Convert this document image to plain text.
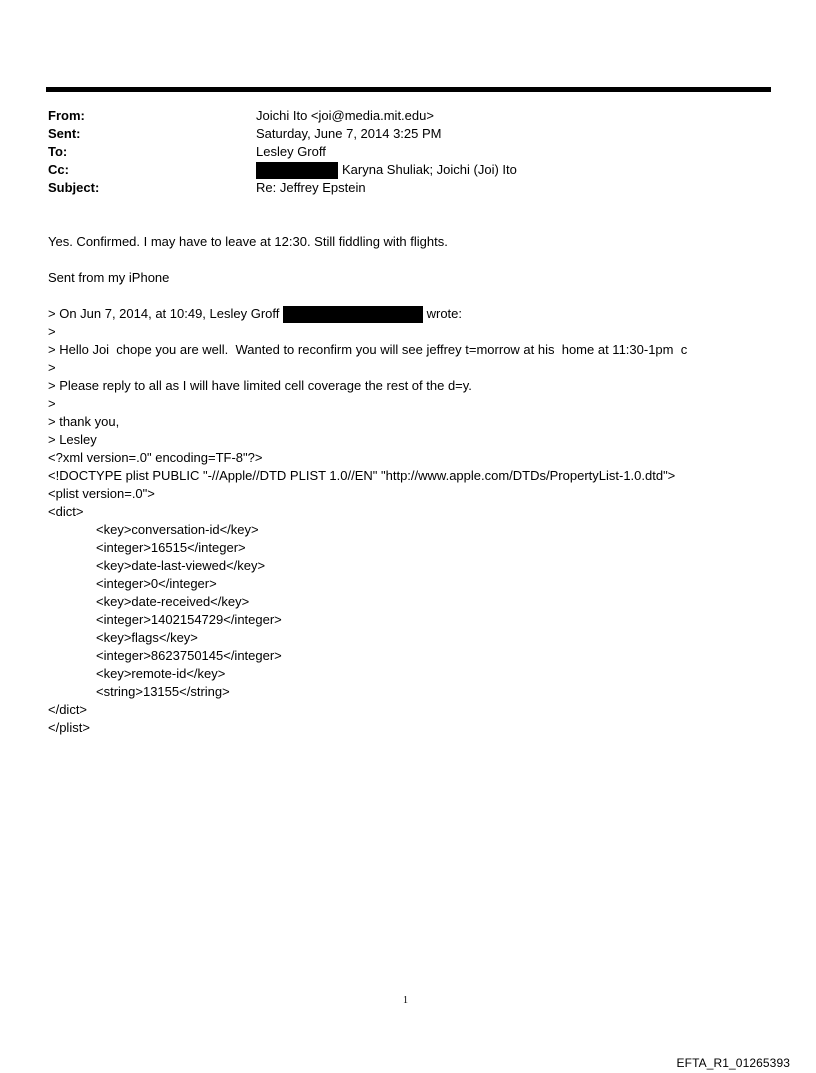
From:	Joichi Ito <joi@media.mit.edu>
Sent:	Saturday, June 7, 2014 3:25 PM
To:	Lesley Groff
Cc:	Karyna Shuliak; Joichi (Joi) Ito
Subject:	Re: Jeffrey Epstein
Yes. Confirmed. I may have to leave at 12:30. Still fiddling with flights.
Sent from my iPhone
> On Jun 7, 2014, at 10:49, Lesley Groff	wrote:
>
> Hello Joi  chope you are well.  Wanted to reconfirm you will see jeffrey t=morrow at his  home at 11:30-1pm  c
>
> Please reply to all as I will have limited cell coverage the rest of the d=y.
>
> thank you,
> Lesley
<?xml version=.0" encoding=TF-8"?>
<!DOCTYPE plist PUBLIC "-//Apple//DTD PLIST 1.0//EN" "http://www.apple.com/DTDs/PropertyList-1.0.dtd">
<plist version=.0">
<dict>
<key>conversation-id</key>
<integer>16515</integer>
<key>date-last-viewed</key>
<integer>0</integer>
<key>date-received</key>
<integer>1402154729</integer>
<key>flags</key>
<integer>8623750145</integer>
<key>remote-id</key>
<string>13155</string>
</dict>
</plist>
1
EFTA_R1_01265393
